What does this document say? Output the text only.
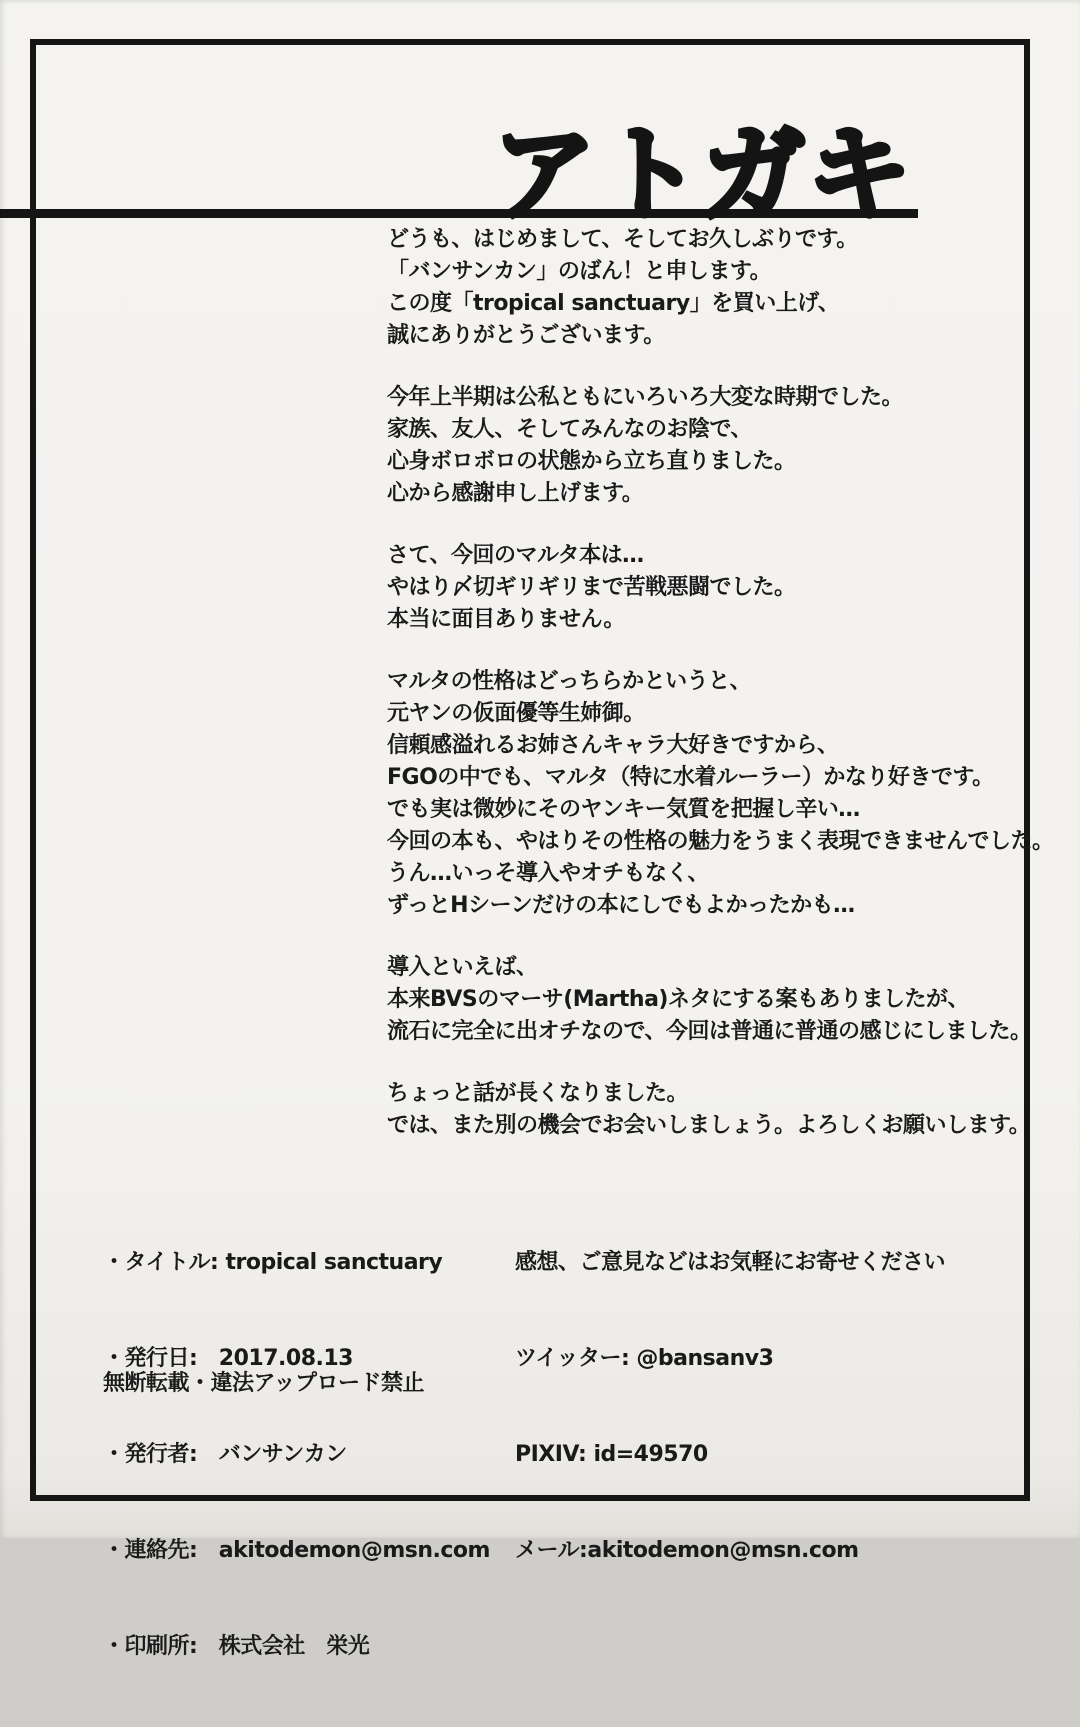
アトガキ

どうも、はじめまして、そしてお久しぶりです。
「バンサンカン」のばん！と申します。
この度「tropical sanctuary」を買い上げ、
誠にありがとうございます。

今年上半期は公私ともにいろいろ大変な時期でした。
家族、友人、そしてみんなのお陰で、
心身ボロボロの状態から立ち直りました。
心から感謝申し上げます。

さて、今回のマルタ本は…
やはり〆切ギリギリまで苦戦悪闘でした。
本当に面目ありません。

マルタの性格はどっちらかというと、
元ヤンの仮面優等生姉御。
信頼感溢れるお姉さんキャラ大好きですから、
FGOの中でも、マルタ（特に水着ルーラー）かなり好きです。
でも実は微妙にそのヤンキー気質を把握し辛い…
今回の本も、やはりその性格の魅力をうまく表現できませんでした。
うん…いっそ導入やオチもなく、
ずっとHシーンだけの本にしでもよかったかも…

導入といえば、
本来BVSのマーサ(Martha)ネタにする案もありましたが、
流石に完全に出オチなので、今回は普通に普通の感じにしました。

ちょっと話が長くなりました。
では、また別の機会でお会いしましょう。よろしくお願いします。

・タイトル: tropical sanctuary

・発行日:　2017.08.13

・発行者:　バンサンカン

・連絡先:　akitodemon@msn.com

・印刷所:　株式会社　栄光

感想、ご意見などはお気軽にお寄せください

ツイッター: @bansanv3

PIXIV: id=49570

メール:akitodemon@msn.com

無断転載・違法アップロード禁止
